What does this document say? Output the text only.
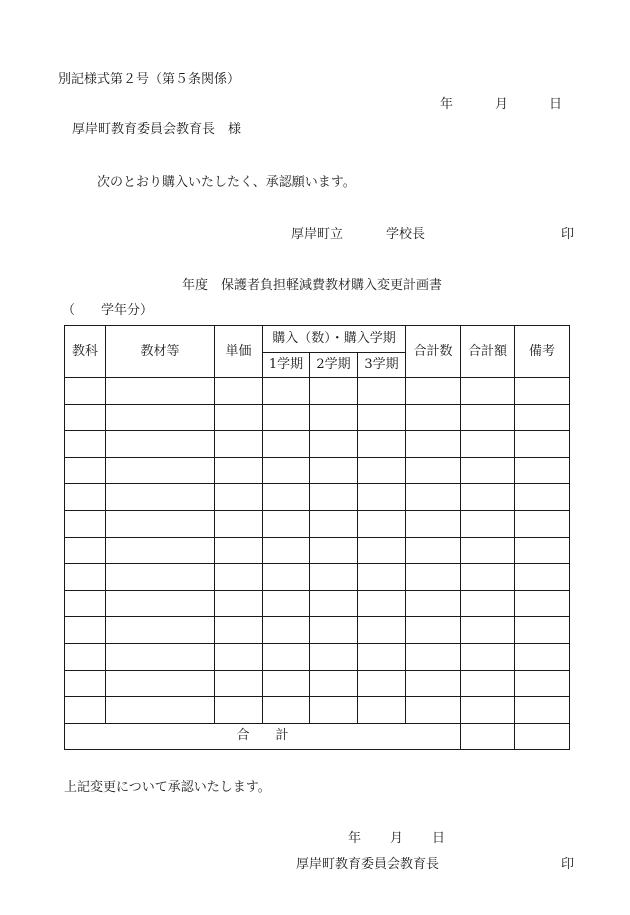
別記様式第２号（第５条関係）
年	月	日
厚岸町教育委員会教育長　様
次のとおり購入いたしたく、承認願います。
厚岸町立	学校長	印
年度　保護者負担軽減費教材購入変更計画書
（　　学年分）
教科	教材等	単価	購入（数）・購入学期			合計数	合計額	備考
			1学期	2学期	3学期			

合　　計								
上記変更について承認いたします。
年 月 日
厚岸町教育委員会教育長	印
